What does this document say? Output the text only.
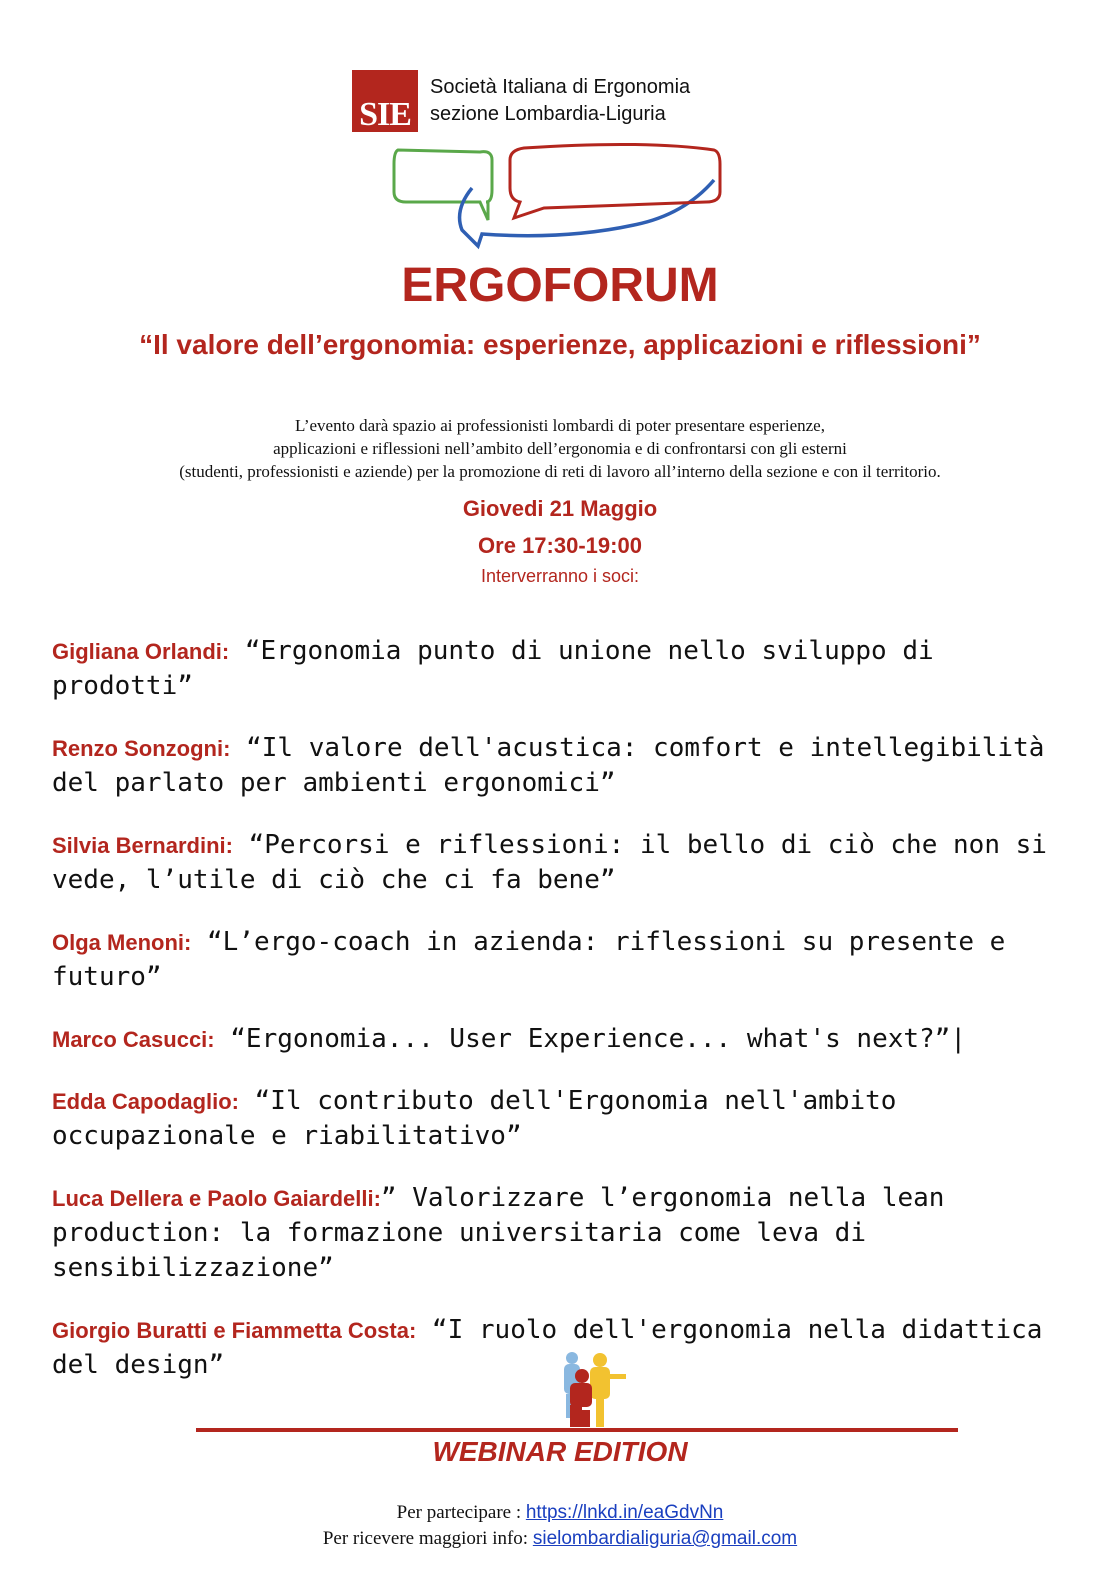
SIE
Società Italiana di Ergonomia
sezione Lombardia-Liguria
ERGOFORUM
“Il valore dell’ergonomia: esperienze, applicazioni e riflessioni”
L’evento darà spazio ai professionisti lombardi di poter presentare esperienze,
applicazioni e riflessioni nell’ambito dell’ergonomia e di confrontarsi con gli esterni
(studenti, professionisti e aziende) per la promozione di reti di lavoro all’interno della sezione e con il territorio.
Giovedi 21 Maggio
Ore 17:30-19:00
Interverranno i soci:
Gigliana Orlandi: “Ergonomia punto di unione nello sviluppo di prodotti”
Renzo Sonzogni: “Il valore dell'acustica: comfort e intellegibilità del parlato per ambienti ergonomici”
Silvia Bernardini: “Percorsi e riflessioni: il bello di ciò che non si vede, l’utile di ciò che ci fa bene”
Olga Menoni: “L’ergo-coach in azienda: riflessioni su presente e futuro”
Marco Casucci: “Ergonomia... User Experience... what's next?”|
Edda Capodaglio: “Il contributo dell'Ergonomia nell'ambito occupazionale e riabilitativo”
Luca Dellera e Paolo Gaiardelli:” Valorizzare l’ergonomia nella lean production: la formazione universitaria come leva di sensibilizzazione”
Giorgio Buratti e Fiammetta Costa: “I ruolo dell'ergonomia nella didattica del design”
WEBINAR EDITION
Per partecipare : https://lnkd.in/eaGdvNn
Per ricevere maggiori info: sielombardialiguria@gmail.com
